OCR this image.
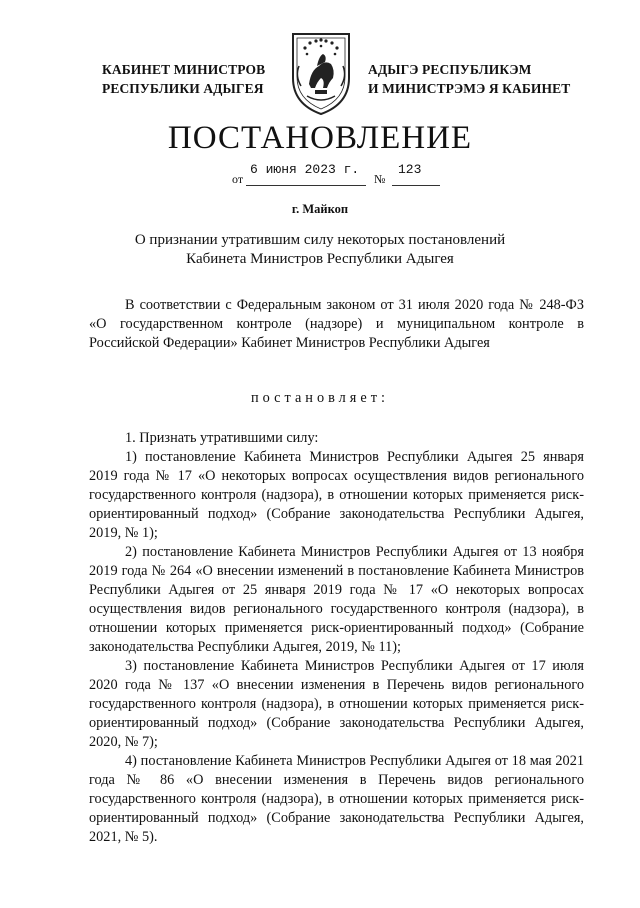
КАБИНЕТ МИНИСТРОВ
РЕСПУБЛИКИ АДЫГЕЯ
АДЫГЭ РЕСПУБЛИКЭМ
И МИНИСТРЭМЭ Я КАБИНЕТ
ПОСТАНОВЛЕНИЕ
от
6 июня 2023 г.
№
123
г. Майкоп
О признании утратившим силу некоторых постановлений Кабинета Министров Республики Адыгея
В соответствии с Федеральным законом от 31 июля 2020 года № 248-ФЗ «О государственном контроле (надзоре) и муниципальном контроле в Российской Федерации» Кабинет Министров Республики Адыгея
постановляет:

1. Признать утратившими силу:

1) постановление Кабинета Министров Республики Адыгея 25 января 2019 года № 17 «О некоторых вопросах осуществления видов регионального государственного контроля (надзора), в отношении которых применяется риск-ориентированный подход» (Собрание законодательства Республики Адыгея, 2019, № 1);

2) постановление Кабинета Министров Республики Адыгея от 13 ноября 2019 года № 264 «О внесении изменений в постановление Кабинета Министров Республики Адыгея от 25 января 2019 года № 17 «О некоторых вопросах осуществления видов регионального государственного контроля (надзора), в отношении которых применяется риск-ориентированный подход» (Собрание законодательства Республики Адыгея, 2019, № 11);

3) постановление Кабинета Министров Республики Адыгея от 17 июля 2020 года № 137 «О внесении изменения в Перечень видов регионального государственного контроля (надзора), в отношении которых применяется риск-ориентированный подход» (Собрание законодательства Республики Адыгея, 2020, № 7);

4) постановление Кабинета Министров Республики Адыгея от 18 мая 2021 года № 86 «О внесении изменения в Перечень видов регионального государственного контроля (надзора), в отношении которых применяется риск-ориентированный подход» (Собрание законодательства Республики Адыгея, 2021, № 5).
